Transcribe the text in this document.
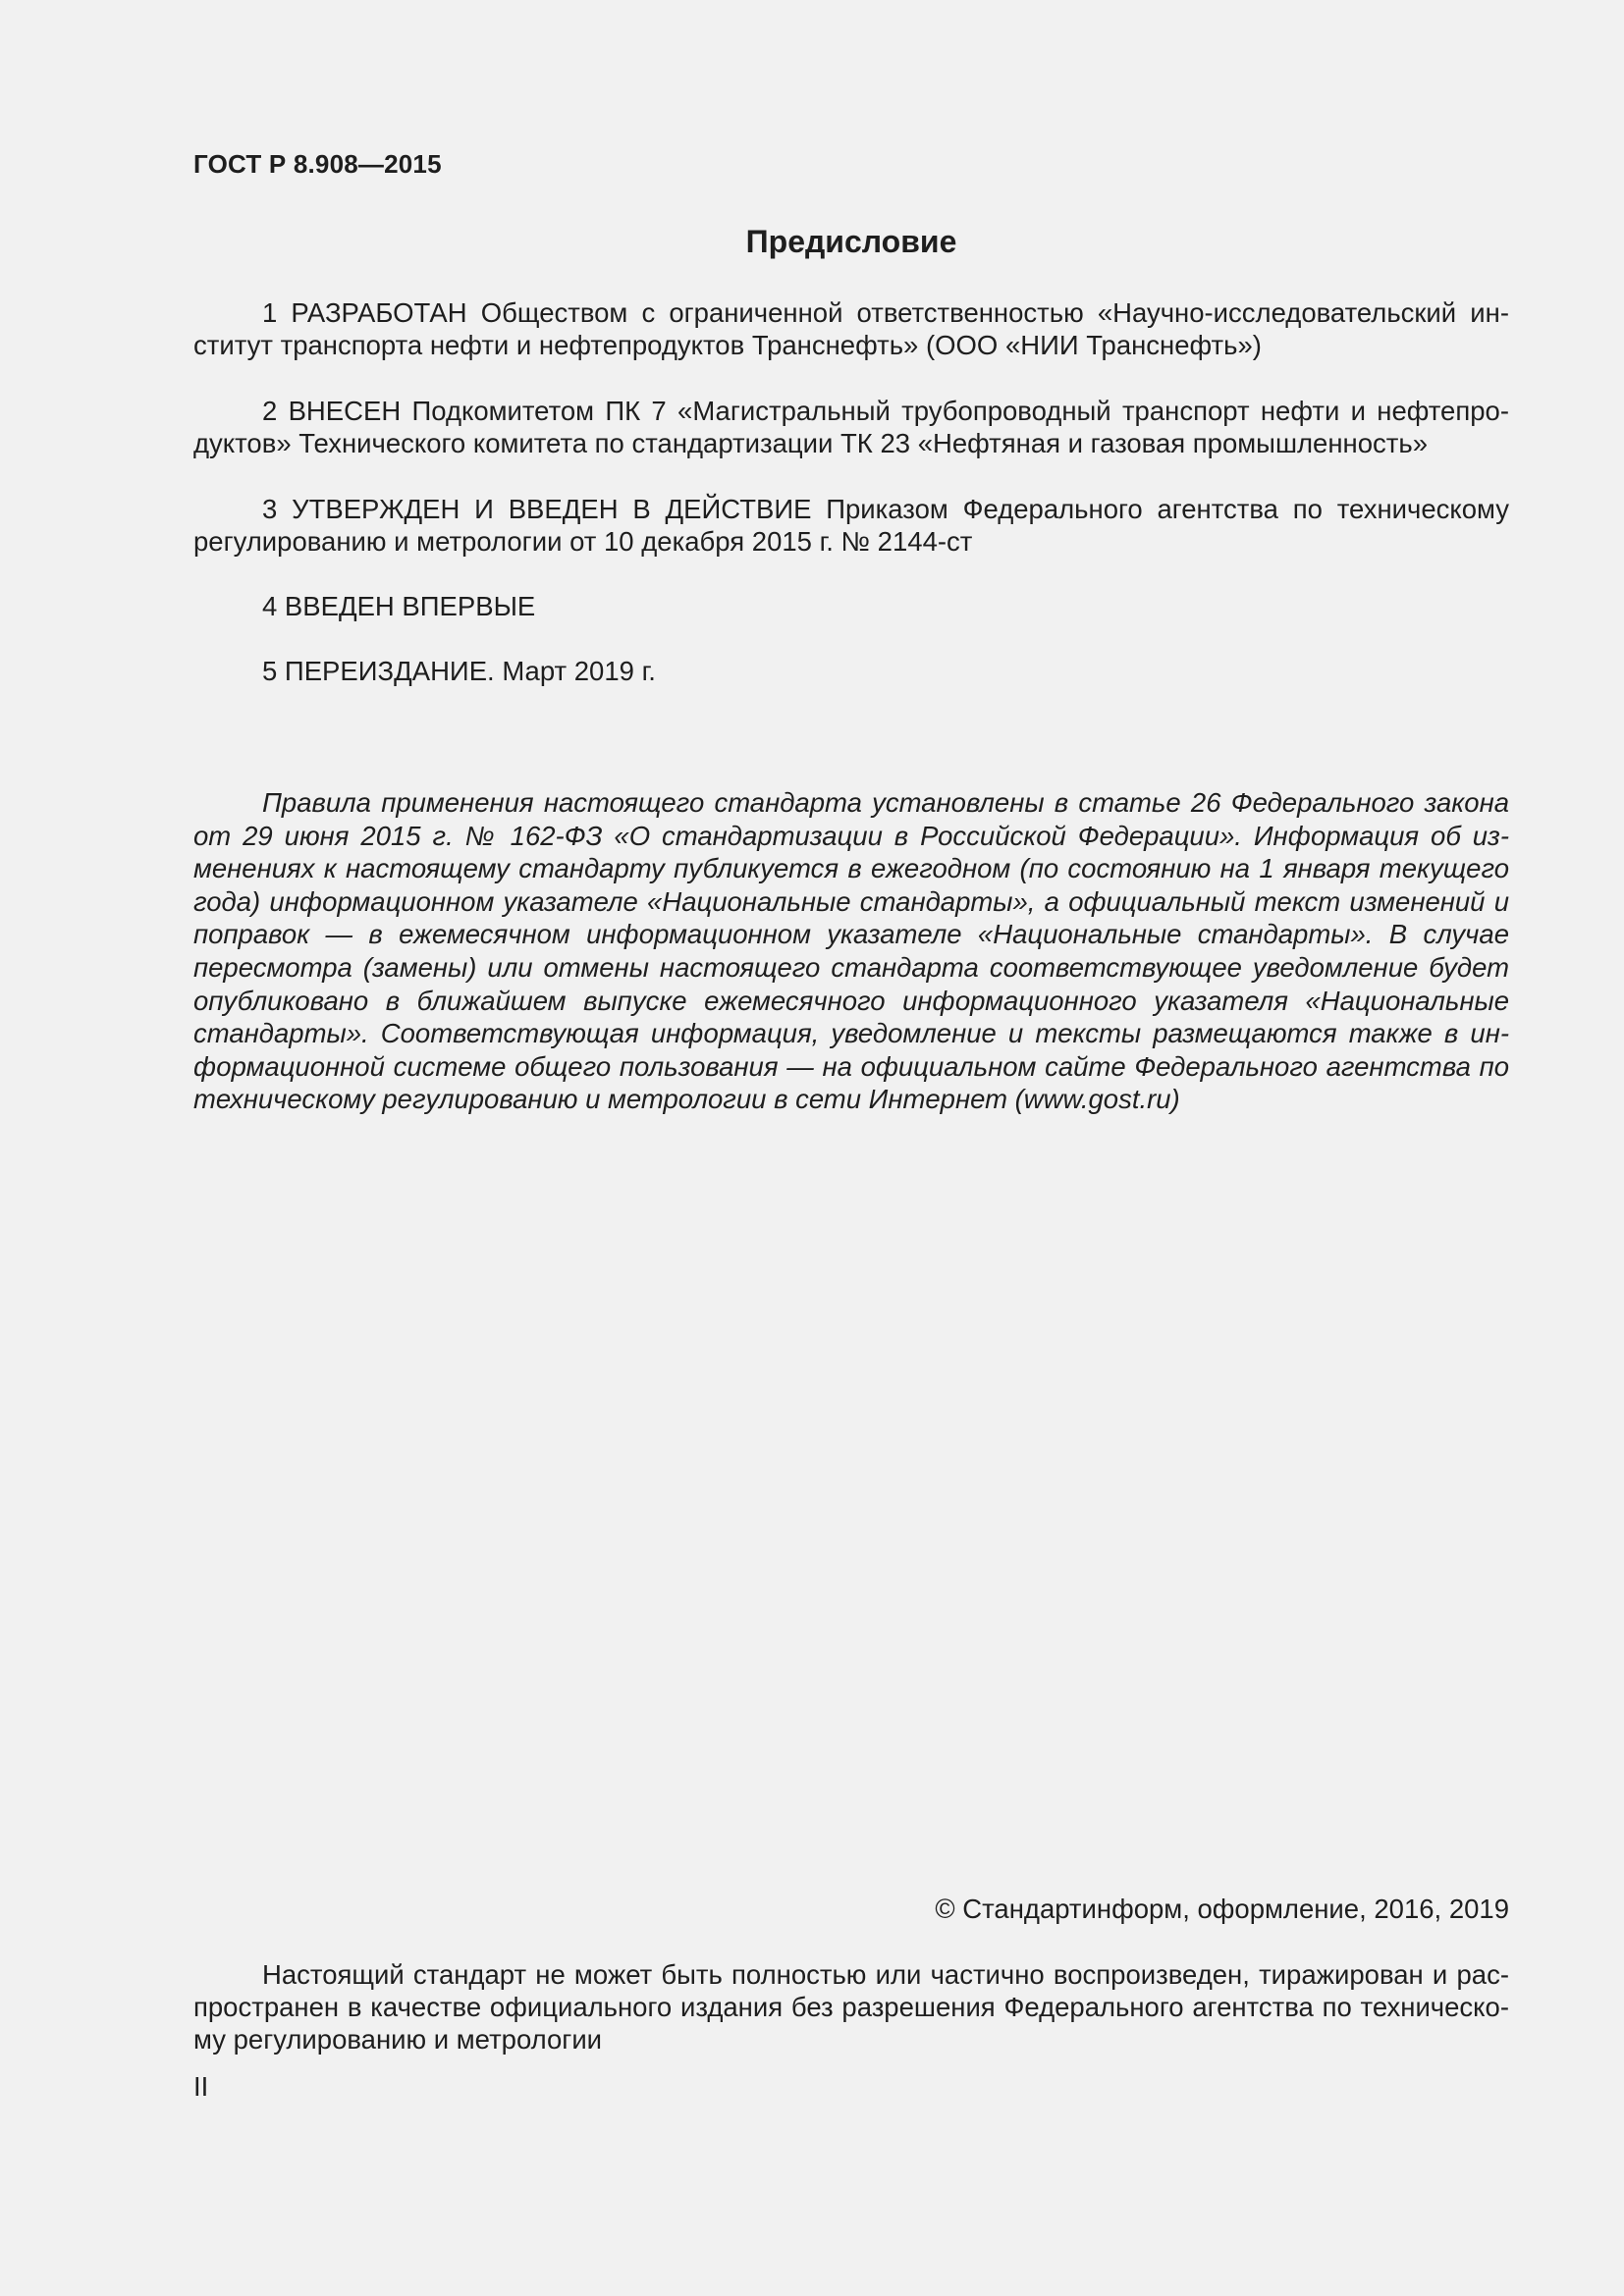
ГОСТ Р 8.908—2015
Предисловие

1 РАЗРАБОТАН Обществом с ограниченной ответственностью «Научно-исследовательский институт транспорта нефти и нефтепродуктов Транснефть» (ООО «НИИ Транснефть»)

2 ВНЕСЕН Подкомитетом ПК 7 «Магистральный трубопроводный транспорт нефти и нефтепродуктов» Технического комитета по стандартизации ТК 23 «Нефтяная и газовая промышленность»

3 УТВЕРЖДЕН И ВВЕДЕН В ДЕЙСТВИЕ Приказом Федерального агентства по техническому регулированию и метрологии от 10 декабря 2015 г. № 2144-ст

4 ВВЕДЕН ВПЕРВЫЕ

5 ПЕРЕИЗДАНИЕ. Март 2019 г.

Правила применения настоящего стандарта установлены в статье 26 Федерального закона от 29 июня 2015 г. № 162-ФЗ «О стандартизации в Российской Федерации». Информация об изменениях к настоящему стандарту публикуется в ежегодном (по состоянию на 1 января текущего года) информационном указателе «Национальные стандарты», а официальный текст изменений и поправок — в ежемесячном информационном указателе «Национальные стандарты». В случае пересмотра (замены) или отмены настоящего стандарта соответствующее уведомление будет опубликовано в ближайшем выпуске ежемесячного информационного указателя «Национальные стандарты». Соответствующая информация, уведомление и тексты размещаются также в информационной системе общего пользования — на официальном сайте Федерального агентства по техническому регулированию и метрологии в сети Интернет (www.gost.ru)

© Стандартинформ, оформление, 2016, 2019

Настоящий стандарт не может быть полностью или частично воспроизведен, тиражирован и распространен в качестве официального издания без разрешения Федерального агентства по техническому регулированию и метрологии

II
